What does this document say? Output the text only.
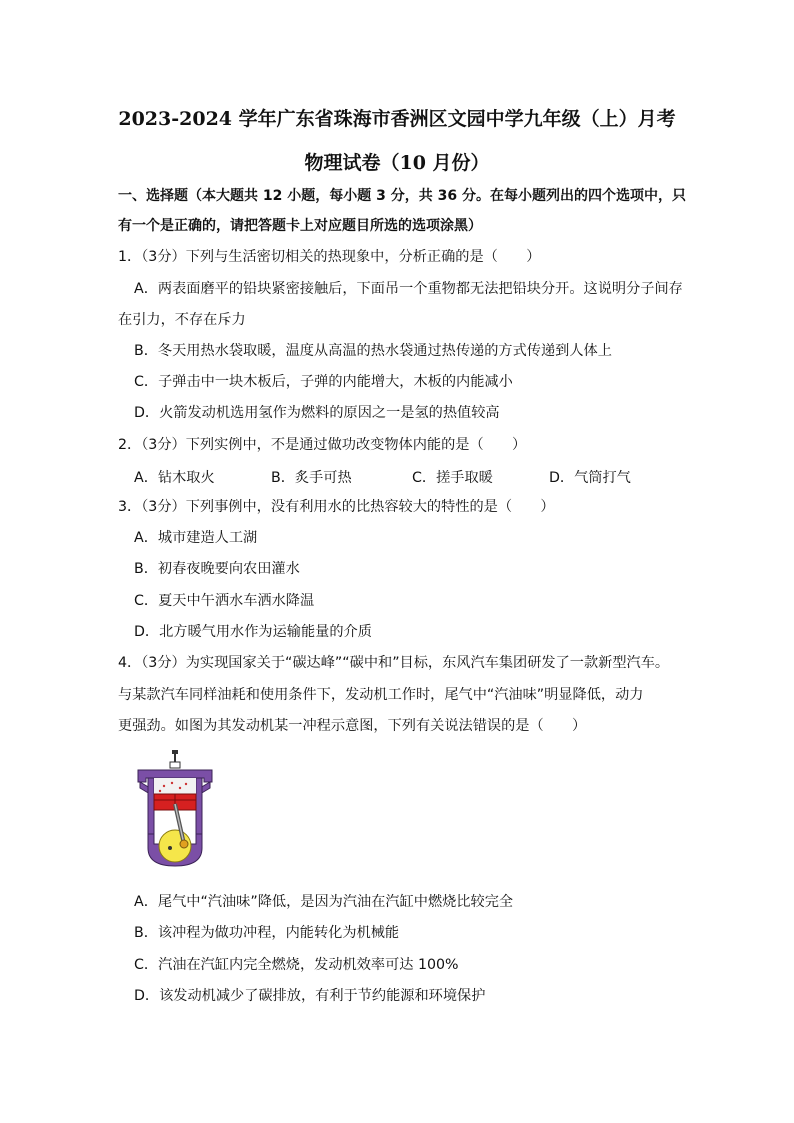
2023-2024 学年广东省珠海市香洲区文园中学九年级（上）月考
物理试卷（10 月份）
一、选择题（本大题共 12 小题，每小题 3 分，共 36 分。在每小题列出的四个选项中，只
有一个是正确的，请把答题卡上对应题目所选的选项涂黑）
1．（3分）下列与生活密切相关的热现象中，分析正确的是（　　）
A．两表面磨平的铅块紧密接触后，下面吊一个重物都无法把铅块分开。这说明分子间存
在引力，不存在斥力
B．冬天用热水袋取暖，温度从高温的热水袋通过热传递的方式传递到人体上
C．子弹击中一块木板后，子弹的内能增大，木板的内能减小
D．火箭发动机选用氢作为燃料的原因之一是氢的热值较高
2．（3分）下列实例中，不是通过做功改变物体内能的是（　　）
A．钻木取火	B．炙手可热	C．搓手取暖	D．气筒打气
3．（3分）下列事例中，没有利用水的比热容较大的特性的是（　　）
A．城市建造人工湖
B．初春夜晚要向农田灌水
C．夏天中午洒水车洒水降温
D．北方暖气用水作为运输能量的介质
4．（3分）为实现国家关于“碳达峰”“碳中和”目标，东风汽车集团研发了一款新型汽车。
与某款汽车同样油耗和使用条件下，发动机工作时，尾气中“汽油味”明显降低，动力
更强劲。如图为其发动机某一冲程示意图，下列有关说法错误的是（　　）
A．尾气中“汽油味”降低，是因为汽油在汽缸中燃烧比较完全
B．该冲程为做功冲程，内能转化为机械能
C．汽油在汽缸内完全燃烧，发动机效率可达 100%
D．该发动机减少了碳排放，有利于节约能源和环境保护
